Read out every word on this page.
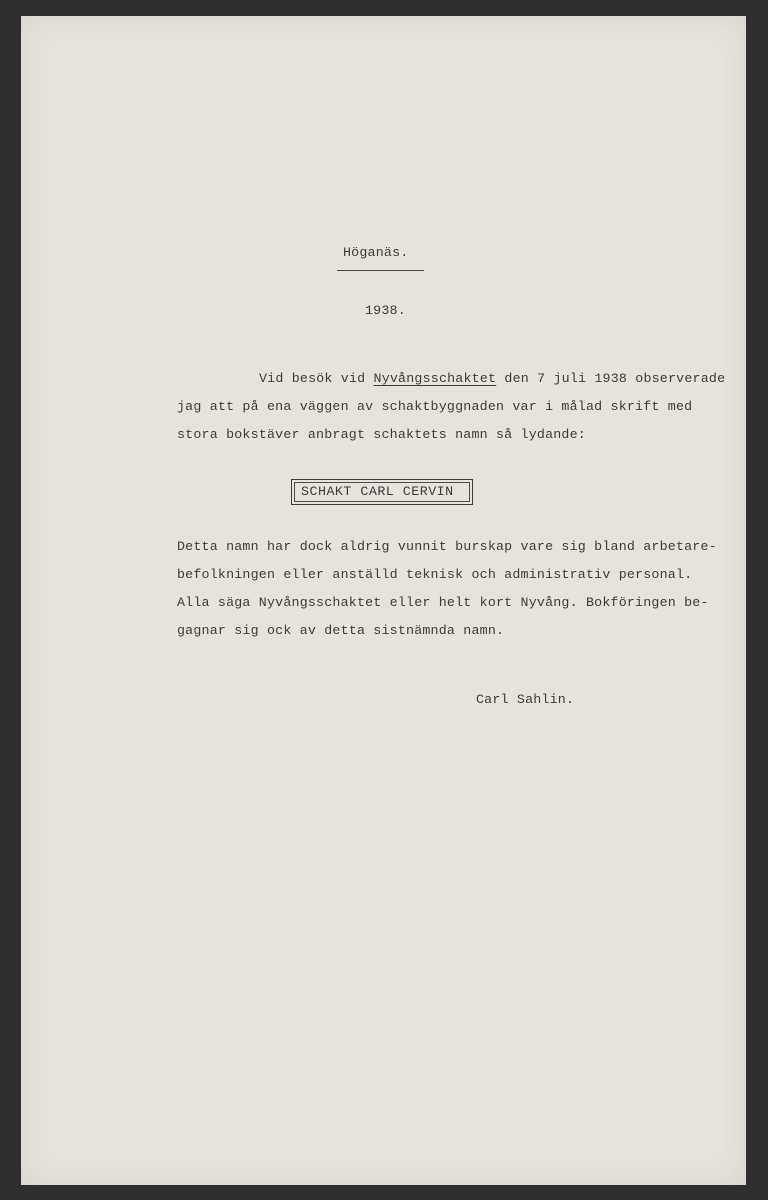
Höganäs.
1938.
Vid besök vid Nyvångsschaktet den 7 juli 1938 observerade
jag att på ena väggen av schaktbyggnaden var i målad skrift med
stora bokstäver anbragt schaktets namn så lydande:
SCHAKT CARL CERVIN
Detta namn har dock aldrig vunnit burskap vare sig bland arbetare-
befolkningen eller anställd teknisk och administrativ personal.
Alla säga Nyvångsschaktet eller helt kort Nyvång. Bokföringen be-
gagnar sig ock av detta sistnämnda namn.
Carl Sahlin.
